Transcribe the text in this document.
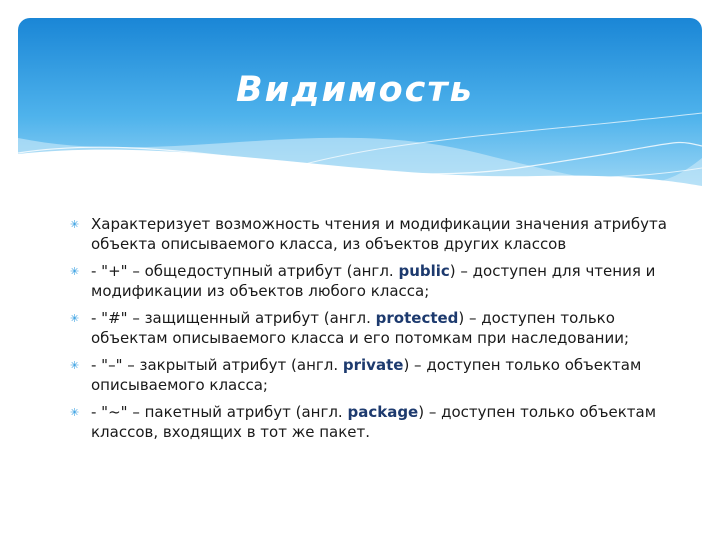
Видимость
✳ Характеризует возможность чтения и модификации значения атрибута объекта описываемого класса, из объектов других классов
✳ - "+" – общедоступный атрибут (англ. public) – доступен для чтения и модификации из объектов любого класса;
✳ - "#" – защищенный атрибут (англ. protected) – доступен только объектам описываемого класса и его потомкам при наследовании;
✳ - "–" – закрытый атрибут (англ. private) – доступен только объектам описываемого класса;
✳ - "~" – пакетный атрибут (англ. package) – доступен только объектам классов, входящих в тот же пакет.
